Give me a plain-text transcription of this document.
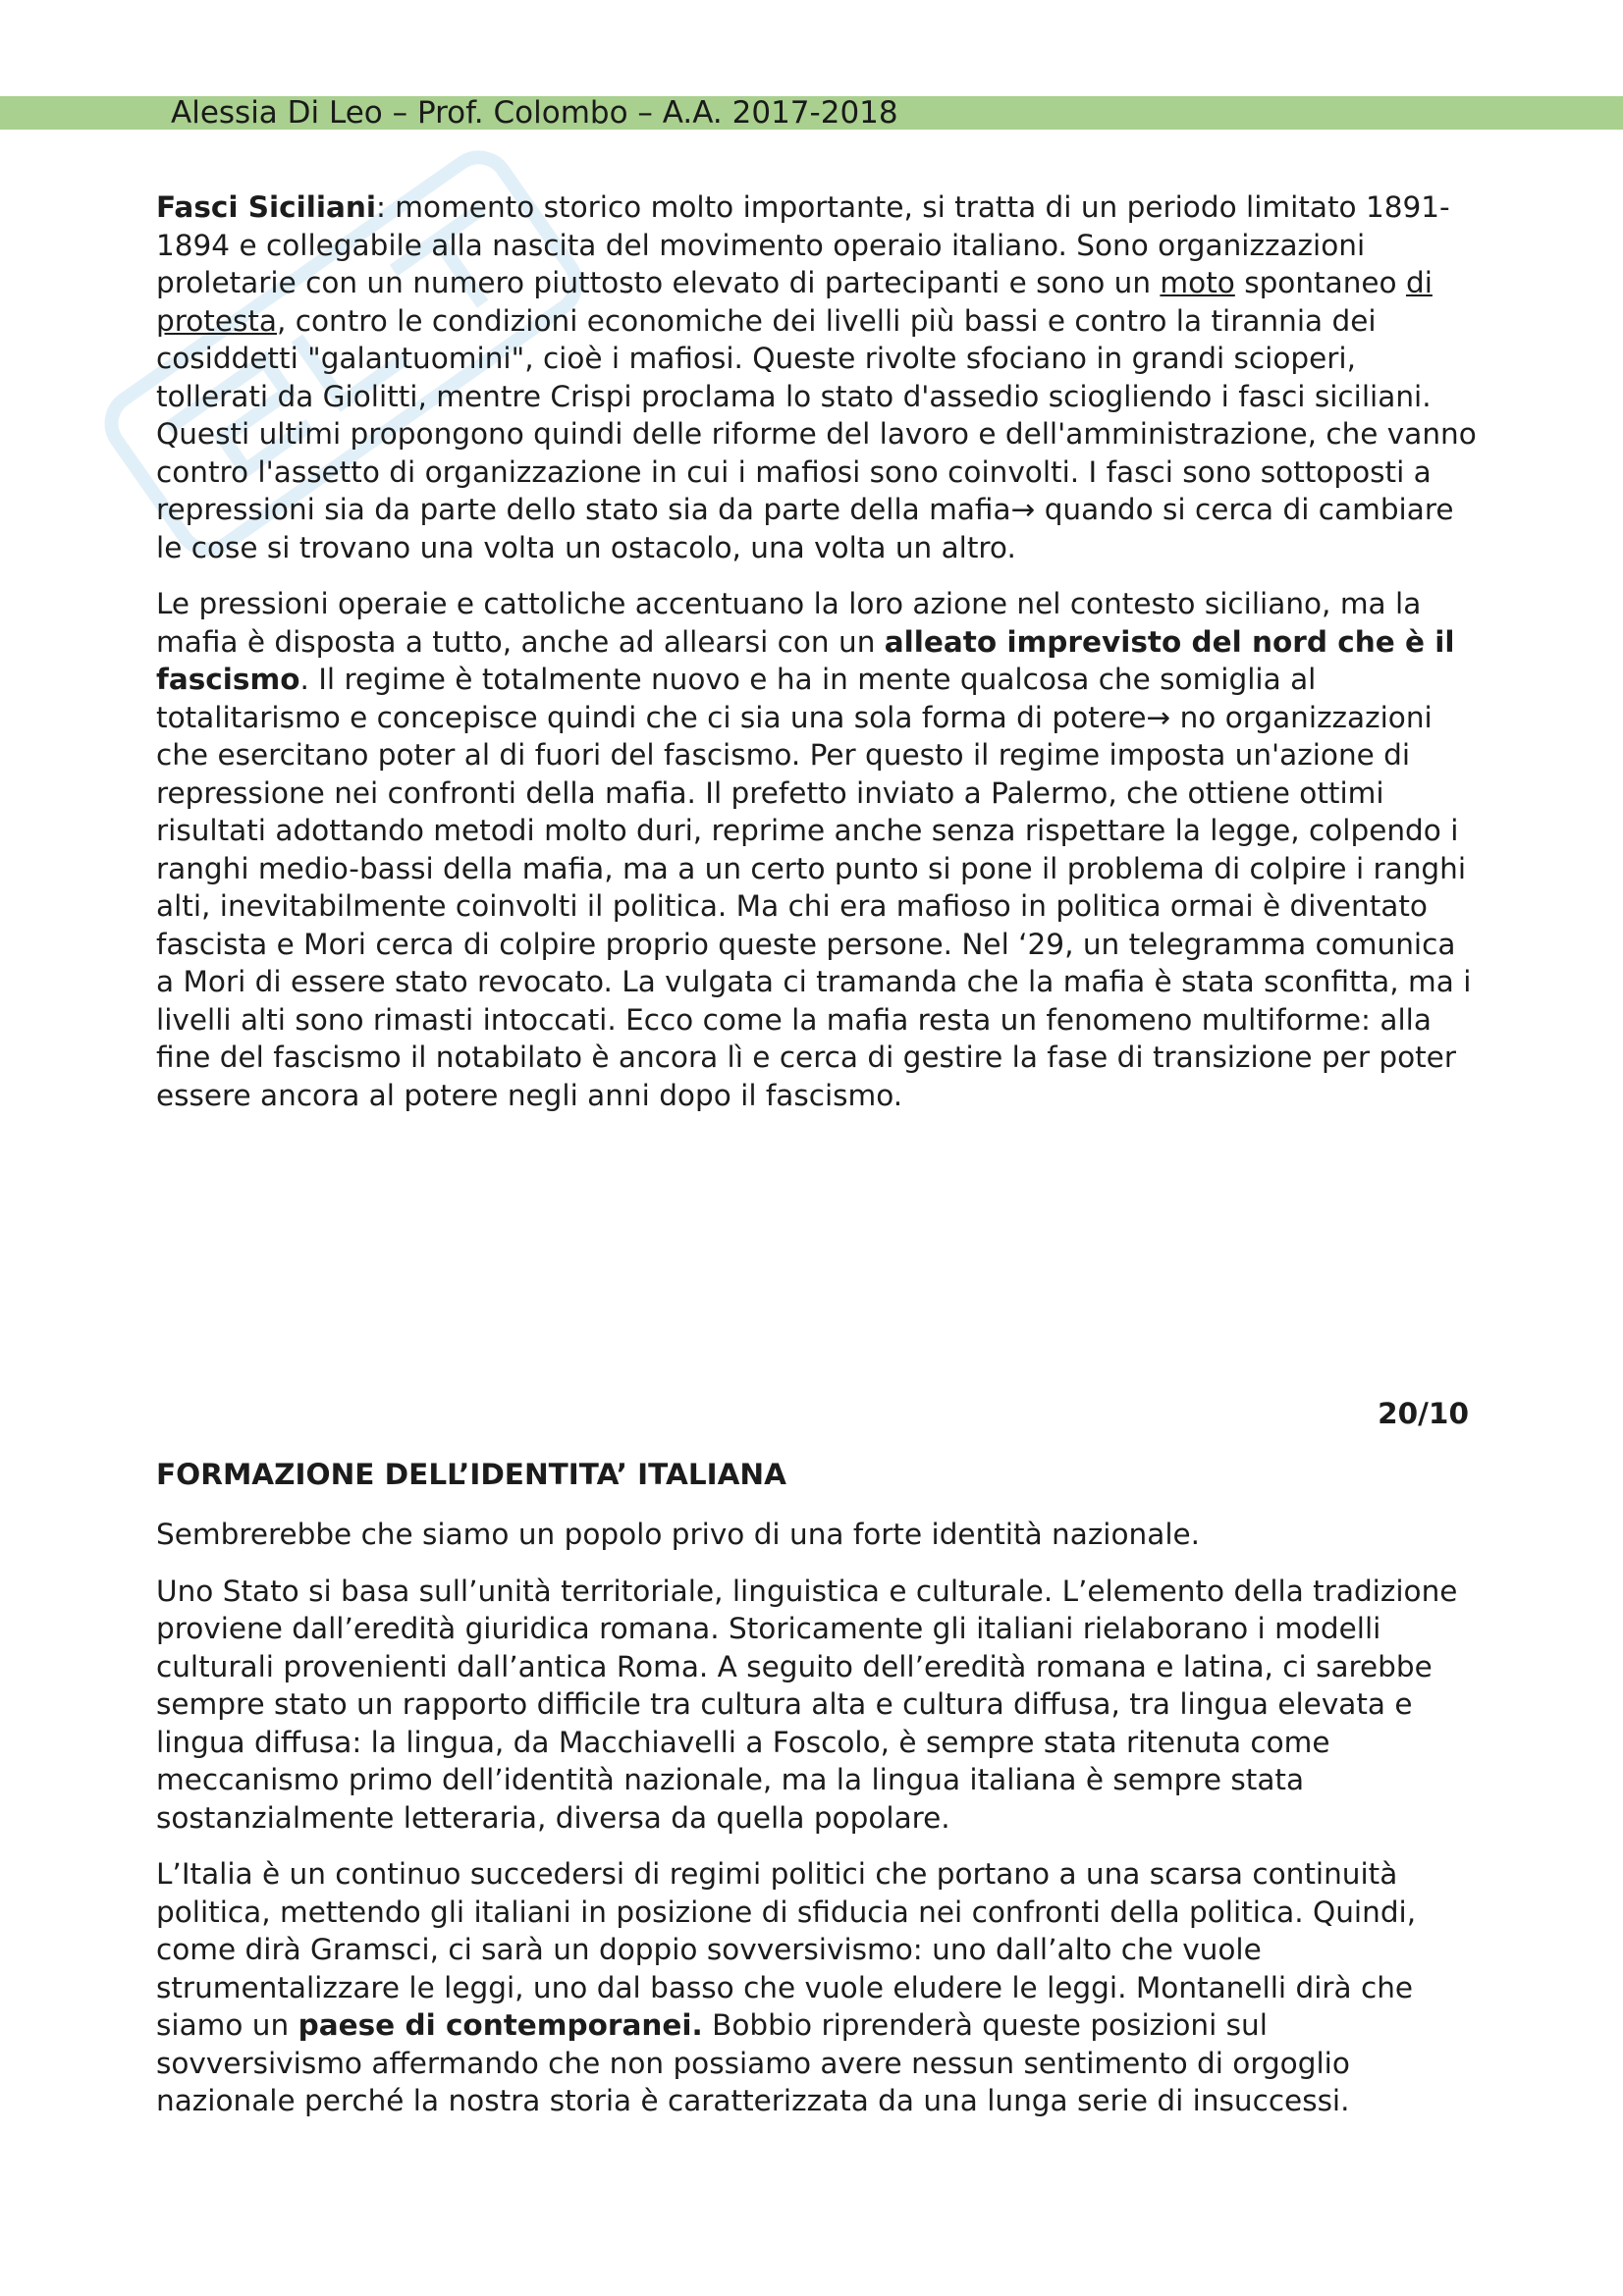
Alessia Di Leo – Prof. Colombo – A.A. 2017-2018

Fasci Siciliani: momento storico molto importante, si tratta di un periodo limitato 1891-1894 e collegabile alla nascita del movimento operaio italiano. Sono organizzazioni proletarie con un numero piuttosto elevato di partecipanti e sono un moto spontaneo di protesta, contro le condizioni economiche dei livelli più bassi e contro la tirannia dei cosiddetti "galantuomini", cioè i mafiosi. Queste rivolte sfociano in grandi scioperi, tollerati da Giolitti, mentre Crispi proclama lo stato d'assedio sciogliendo i fasci siciliani. Questi ultimi propongono quindi delle riforme del lavoro e dell'amministrazione, che vanno contro l'assetto di organizzazione in cui i mafiosi sono coinvolti. I fasci sono sottoposti a repressioni sia da parte dello stato sia da parte della mafia→ quando si cerca di cambiare le cose si trovano una volta un ostacolo, una volta un altro.

Le pressioni operaie e cattoliche accentuano la loro azione nel contesto siciliano, ma la mafia è disposta a tutto, anche ad allearsi con un alleato imprevisto del nord che è il fascismo. Il regime è totalmente nuovo e ha in mente qualcosa che somiglia al totalitarismo e concepisce quindi che ci sia una sola forma di potere→ no organizzazioni che esercitano poter al di fuori del fascismo. Per questo il regime imposta un'azione di repressione nei confronti della mafia. Il prefetto inviato a Palermo, che ottiene ottimi risultati adottando metodi molto duri, reprime anche senza rispettare la legge, colpendo i ranghi medio-bassi della mafia, ma a un certo punto si pone il problema di colpire i ranghi alti, inevitabilmente coinvolti il politica. Ma chi era mafioso in politica ormai è diventato fascista e Mori cerca di colpire proprio queste persone. Nel ‘29, un telegramma comunica a Mori di essere stato revocato. La vulgata ci tramanda che la mafia è stata sconfitta, ma i livelli alti sono rimasti intoccati. Ecco come la mafia resta un fenomeno multiforme: alla fine del fascismo il notabilato è ancora lì e cerca di gestire la fase di transizione per poter essere ancora al potere negli anni dopo il fascismo.

20/10
FORMAZIONE DELL’IDENTITA’ ITALIANA

Sembrerebbe che siamo un popolo privo di una forte identità nazionale.

Uno Stato si basa sull’unità territoriale, linguistica e culturale. L’elemento della tradizione proviene dall’eredità giuridica romana. Storicamente gli italiani rielaborano i modelli culturali provenienti dall’antica Roma. A seguito dell’eredità romana e latina, ci sarebbe sempre stato un rapporto difficile tra cultura alta e cultura diffusa, tra lingua elevata e lingua diffusa: la lingua, da Macchiavelli a Foscolo, è sempre stata ritenuta come meccanismo primo dell’identità nazionale, ma la lingua italiana è sempre stata sostanzialmente letteraria, diversa da quella popolare.

L’Italia è un continuo succedersi di regimi politici che portano a una scarsa continuità politica, mettendo gli italiani in posizione di sfiducia nei confronti della politica. Quindi, come dirà Gramsci, ci sarà un doppio sovversivismo: uno dall’alto che vuole strumentalizzare le leggi, uno dal basso che vuole eludere le leggi. Montanelli dirà che siamo un paese di contemporanei. Bobbio riprenderà queste posizioni sul sovversivismo affermando che non possiamo avere nessun sentimento di orgoglio nazionale perché la nostra storia è caratterizzata da una lunga serie di insuccessi.
